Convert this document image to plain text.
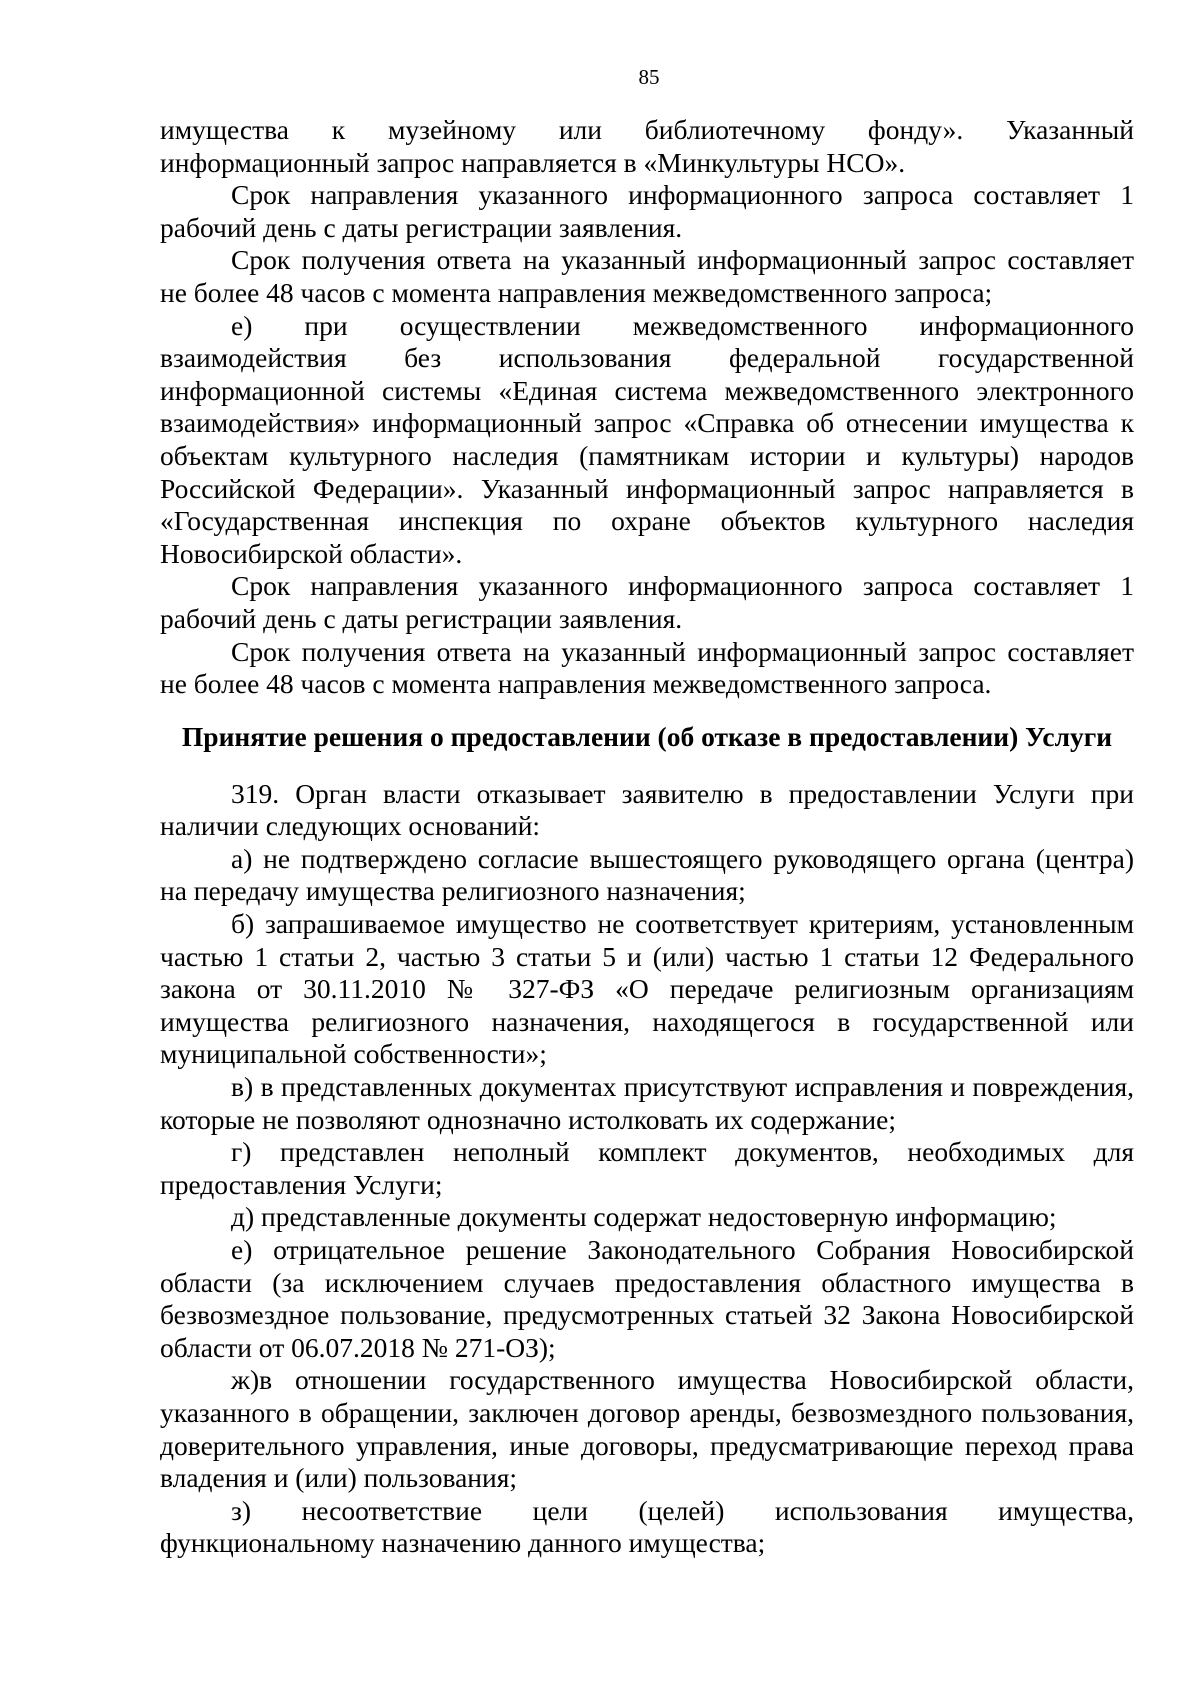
85

имущества к музейному или библиотечному фонду». Указанный информационный запрос направляется в «Минкультуры НСО».

Срок направления указанного информационного запроса составляет 1 рабочий день с даты регистрации заявления.

Срок получения ответа на указанный информационный запрос составляет не более 48 часов с момента направления межведомственного запроса;

е) при осуществлении межведомственного информационного взаимодействия без использования федеральной государственной информационной системы «Единая система межведомственного электронного взаимодействия» информационный запрос «Справка об отнесении имущества к объектам культурного наследия (памятникам истории и культуры) народов Российской Федерации». Указанный информационный запрос направляется в «Государственная инспекция по охране объектов культурного наследия Новосибирской области».

Срок направления указанного информационного запроса составляет 1 рабочий день с даты регистрации заявления.

Срок получения ответа на указанный информационный запрос составляет не более 48 часов с момента направления межведомственного запроса.

Принятие решения о предоставлении (об отказе в предоставлении) Услуги

319. Орган власти отказывает заявителю в предоставлении Услуги при наличии следующих оснований:

а) не подтверждено согласие вышестоящего руководящего органа (центра) на передачу имущества религиозного назначения;

б) запрашиваемое имущество не соответствует критериям, установленным частью 1 статьи 2, частью 3 статьи 5 и (или) частью 1 статьи 12 Федерального закона от 30.11.2010 № 327-ФЗ «О передаче религиозным организациям имущества религиозного назначения, находящегося в государственной или муниципальной собственности»;

в) в представленных документах присутствуют исправления и повреждения, которые не позволяют однозначно истолковать их содержание;

г) представлен неполный комплект документов, необходимых для предоставления Услуги;

д) представленные документы содержат недостоверную информацию;

е) отрицательное решение Законодательного Собрания Новосибирской области (за исключением случаев предоставления областного имущества в безвозмездное пользование, предусмотренных статьей 32 Закона Новосибирской области от 06.07.2018 № 271-ОЗ);

ж)в отношении государственного имущества Новосибирской области, указанного в обращении, заключен договор аренды, безвозмездного пользования, доверительного управления, иные договоры, предусматривающие переход права владения и (или) пользования;

з) несоответствие цели (целей) использования имущества, функциональному назначению данного имущества;
